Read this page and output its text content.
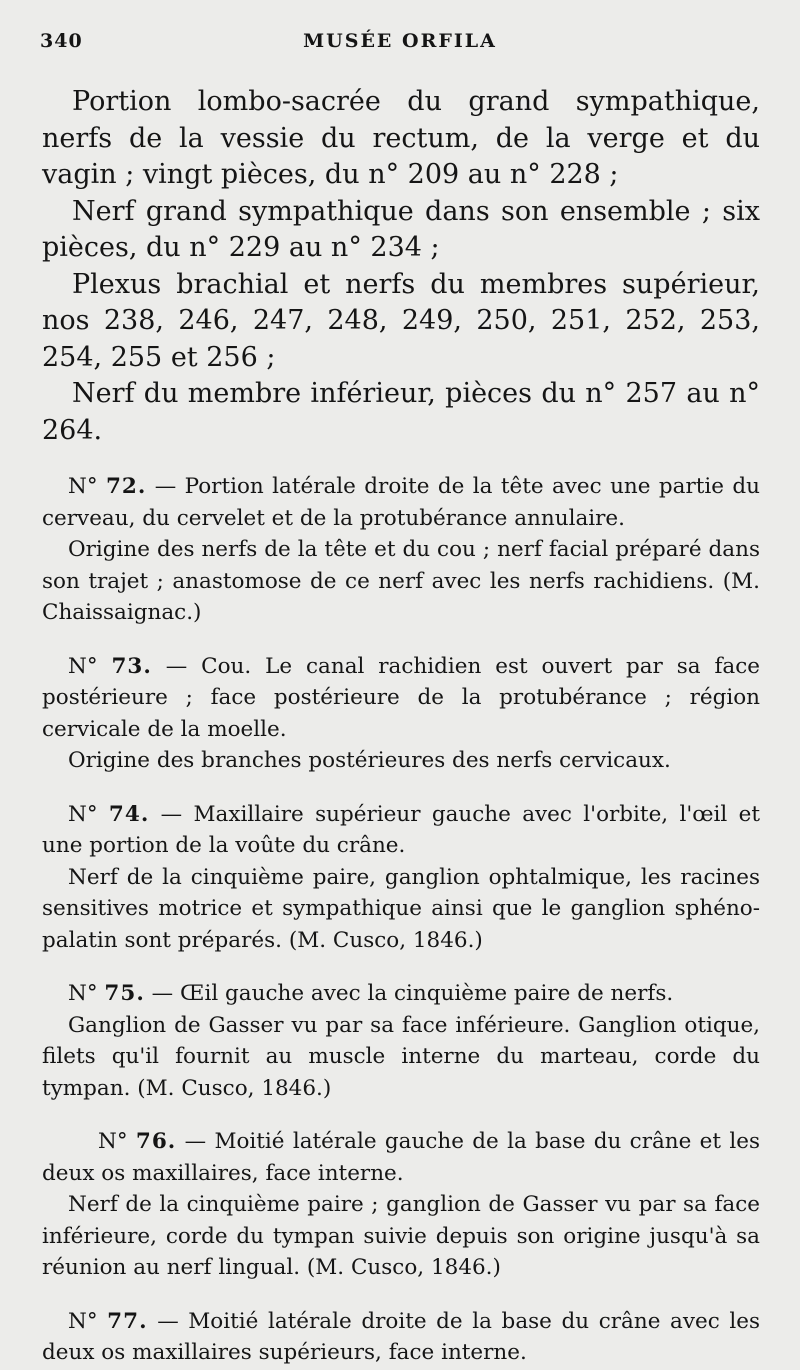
340	MUSÉE ORFILA

Portion lombo-sacrée du grand sympathique, nerfs de la vessie du rectum, de la verge et du vagin ; vingt pièces, du n° 209 au n° 228 ;

Nerf grand sympathique dans son ensemble ; six pièces, du n° 229 au n° 234 ;

Plexus brachial et nerfs du membres supérieur, nos 238, 246, 247, 248, 249, 250, 251, 252, 253, 254, 255 et 256 ;

Nerf du membre inférieur, pièces du n° 257 au n° 264.

N° 72. — Portion latérale droite de la tête avec une partie du cerveau, du cervelet et de la protubérance annulaire.

Origine des nerfs de la tête et du cou ; nerf facial préparé dans son trajet ; anastomose de ce nerf avec les nerfs rachidiens. (M. Chaissaignac.)

N° 73. — Cou. Le canal rachidien est ouvert par sa face postérieure ; face postérieure de la protubérance ; région cervicale de la moelle.

Origine des branches postérieures des nerfs cervicaux.

N° 74. — Maxillaire supérieur gauche avec l'orbite, l'œil et une portion de la voûte du crâne.

Nerf de la cinquième paire, ganglion ophtalmique, les racines sensitives motrice et sympathique ainsi que le ganglion sphéno-palatin sont préparés. (M. Cusco, 1846.)

N° 75. — Œil gauche avec la cinquième paire de nerfs.

Ganglion de Gasser vu par sa face inférieure. Ganglion otique, filets qu'il fournit au muscle interne du marteau, corde du tympan. (M. Cusco, 1846.)

N° 76. — Moitié latérale gauche de la base du crâne et les deux os maxillaires, face interne.

Nerf de la cinquième paire ; ganglion de Gasser vu par sa face inférieure, corde du tympan suivie depuis son origine jusqu'à sa réunion au nerf lingual. (M. Cusco, 1846.)

N° 77. — Moitié latérale droite de la base du crâne avec les deux os maxillaires supérieurs, face interne.
